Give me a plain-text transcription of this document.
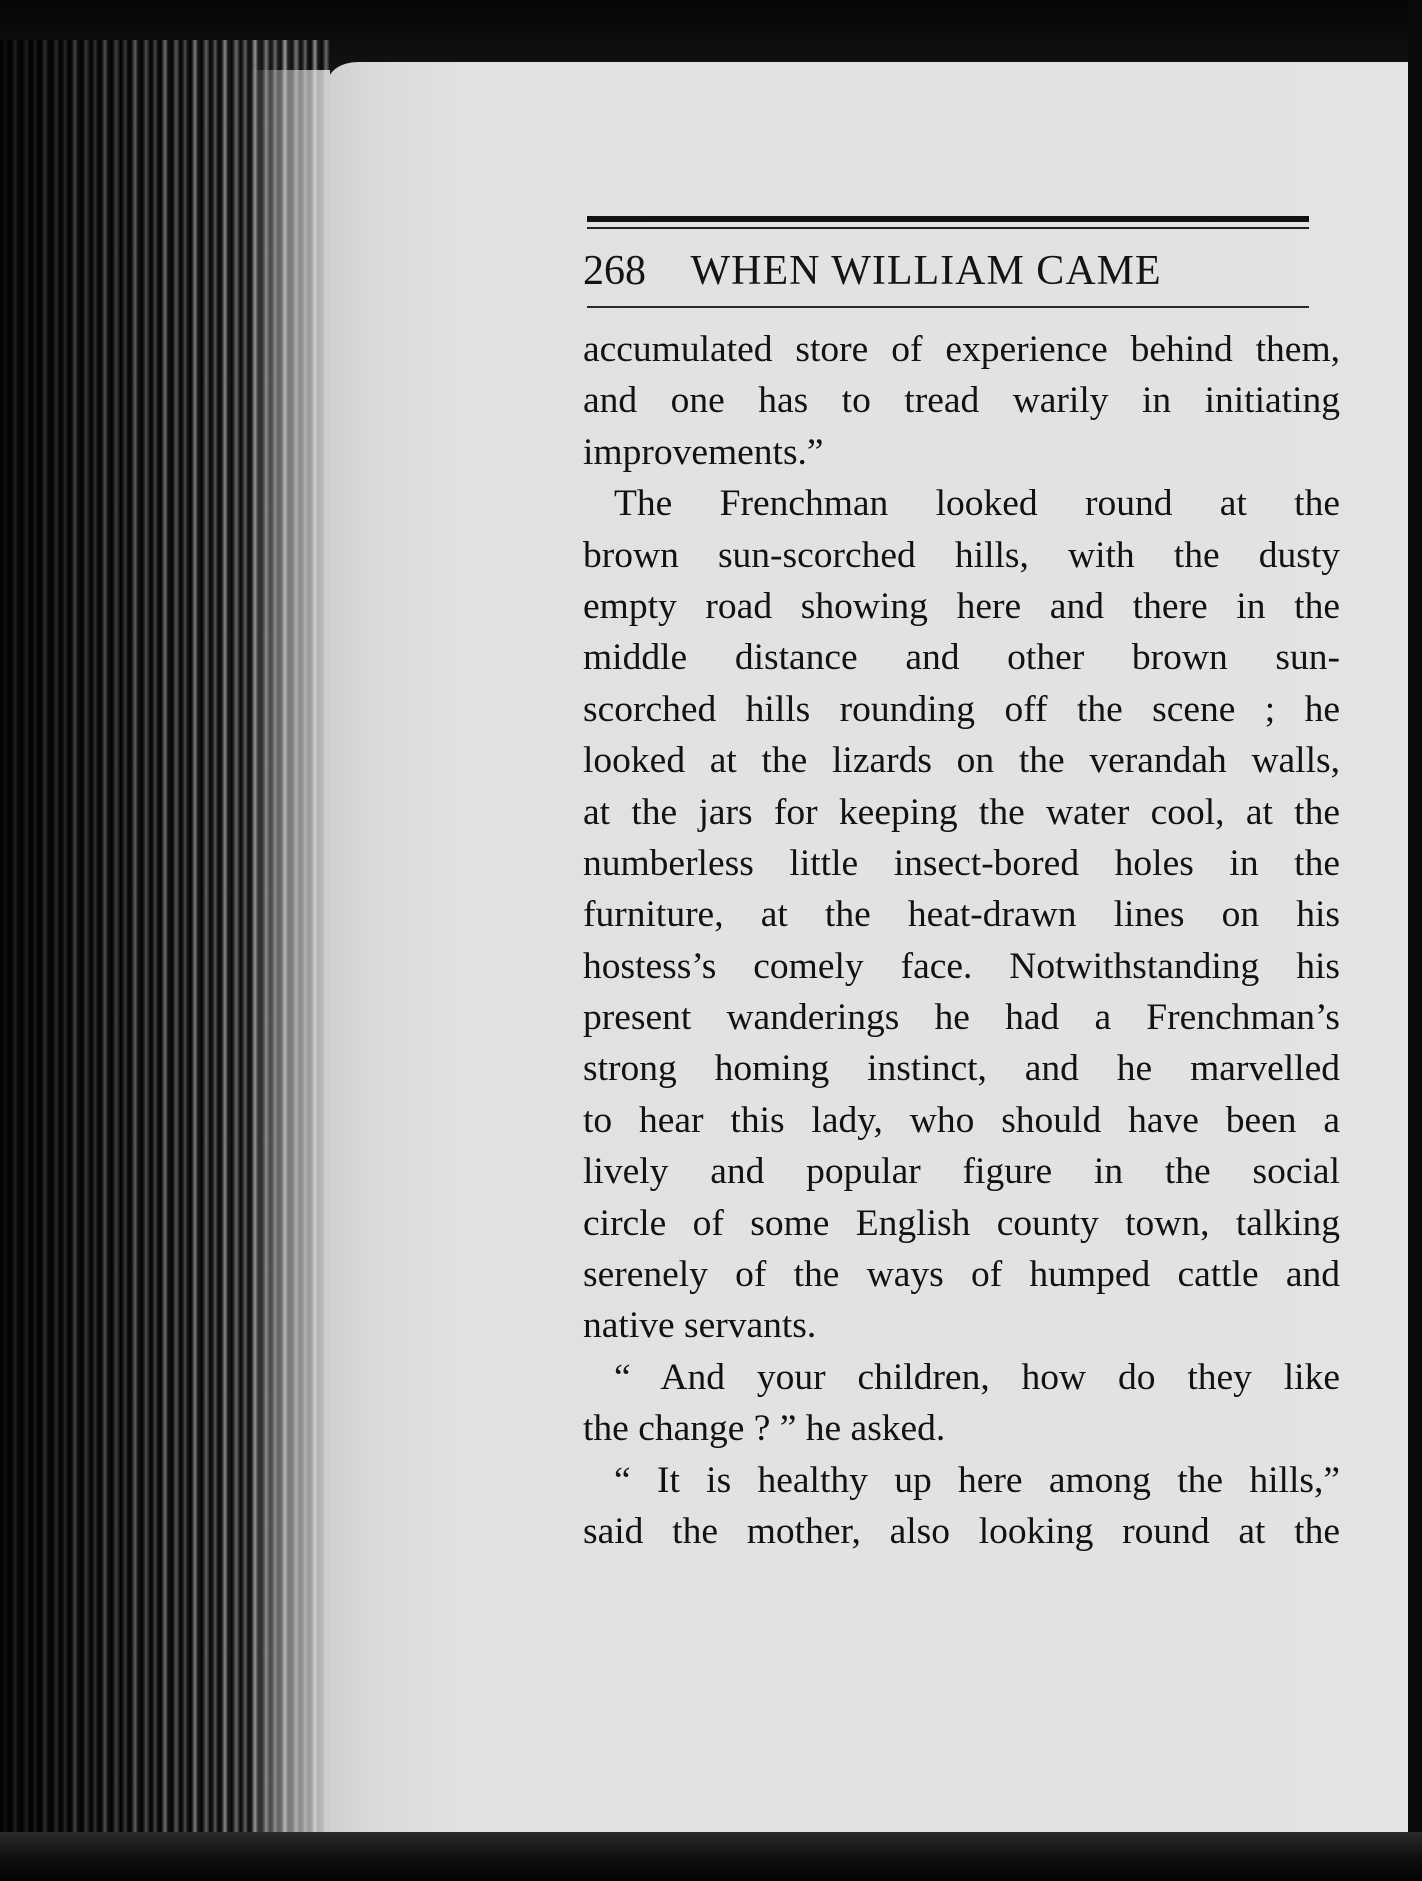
268 WHEN WILLIAM CAME
accumulated store of experience behind them,
and one has to tread warily in initiating
improvements.”
The Frenchman looked round at the
brown sun-scorched hills, with the dusty
empty road showing here and there in the
middle distance and other brown sun-
scorched hills rounding off the scene ; he
looked at the lizards on the verandah walls,
at the jars for keeping the water cool, at the
numberless little insect-bored holes in the
furniture, at the heat-drawn lines on his
hostess’s comely face. Notwithstanding his
present wanderings he had a Frenchman’s
strong homing instinct, and he marvelled
to hear this lady, who should have been a
lively and popular figure in the social
circle of some English county town, talking
serenely of the ways of humped cattle and
native servants.
“ And your children, how do they like
the change ? ” he asked.
“ It is healthy up here among the hills,”
said the mother, also looking round at the
